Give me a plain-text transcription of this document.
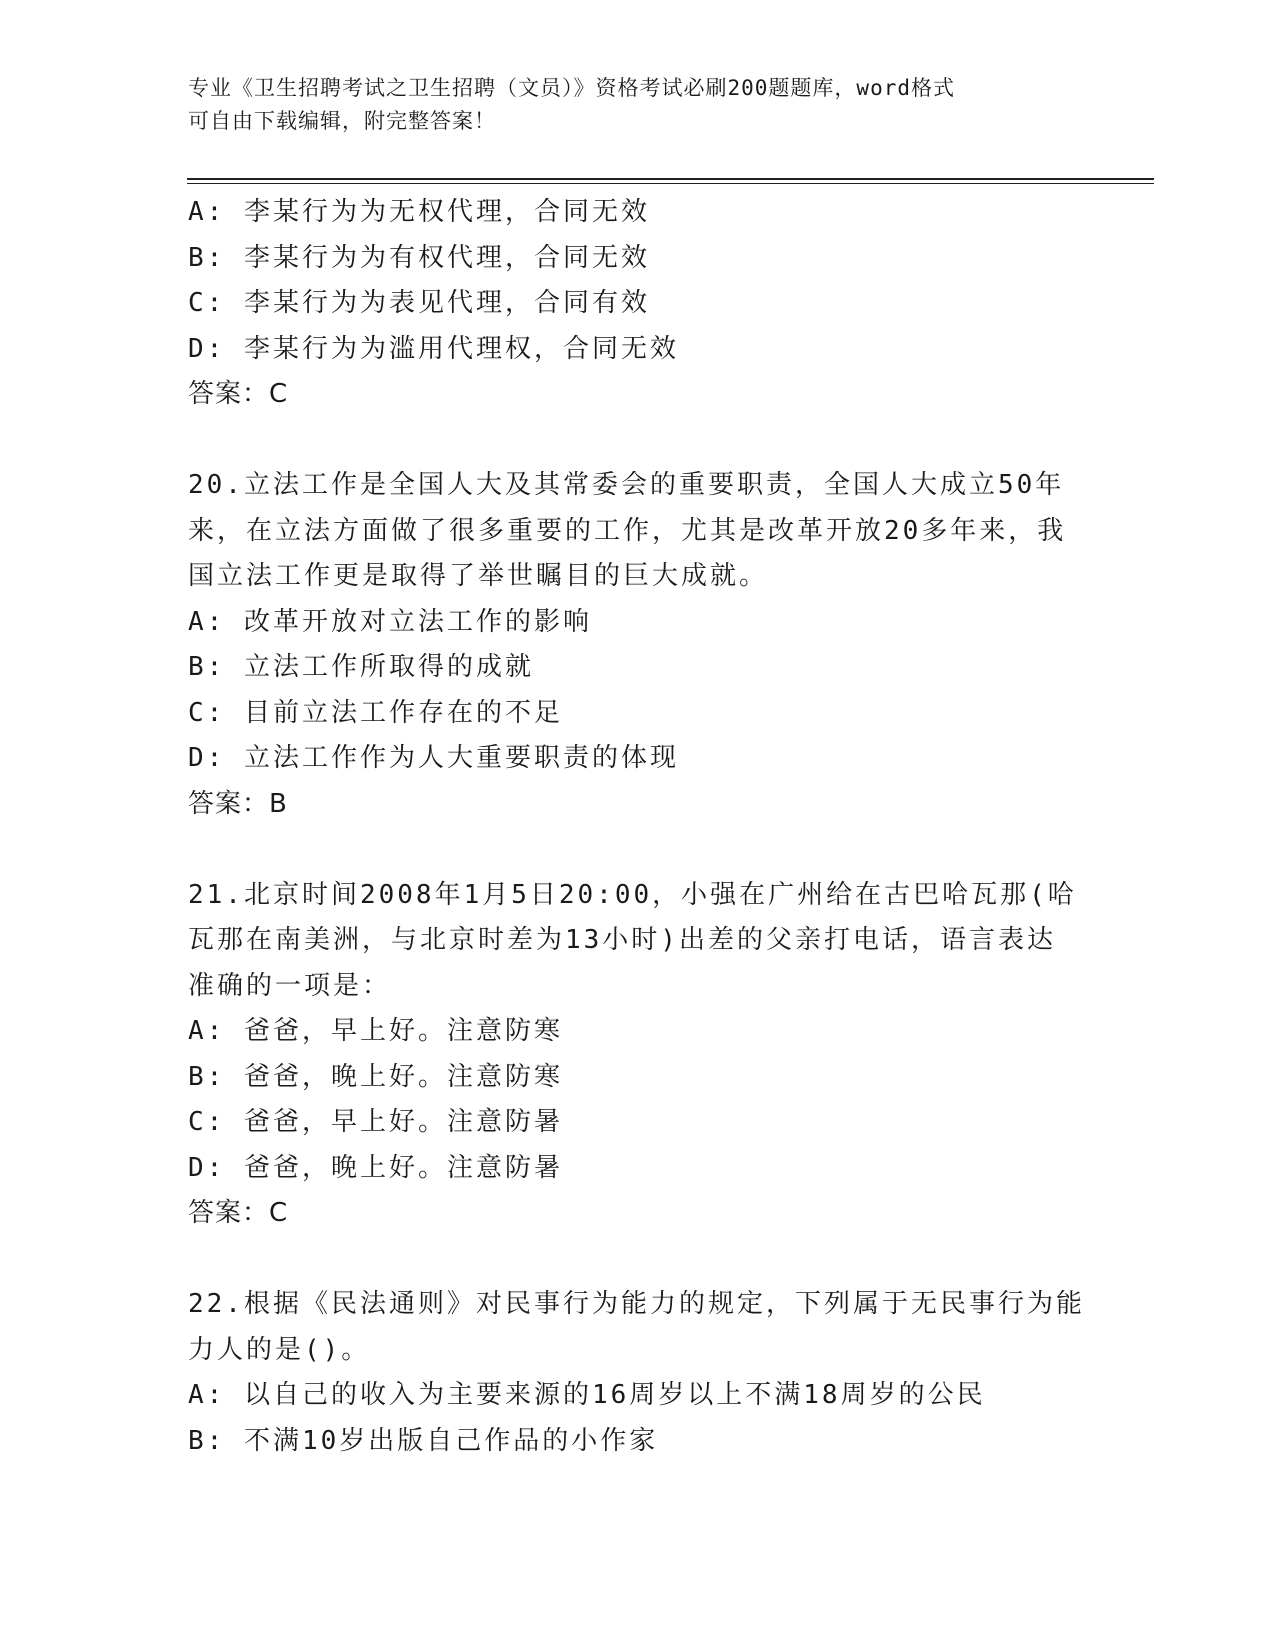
专业《卫生招聘考试之卫生招聘（文员）》资格考试必刷200题题库，word格式
可自由下载编辑，附完整答案！
A: 李某行为为无权代理，合同无效
B: 李某行为为有权代理，合同无效
C: 李某行为为表见代理，合同有效
D: 李某行为为滥用代理权，合同无效
答案：C
20.立法工作是全国人大及其常委会的重要职责，全国人大成立50年
来，在立法方面做了很多重要的工作，尤其是改革开放20多年来，我
国立法工作更是取得了举世瞩目的巨大成就。
A: 改革开放对立法工作的影响
B: 立法工作所取得的成就
C: 目前立法工作存在的不足
D: 立法工作作为人大重要职责的体现
答案：B
21.北京时间2008年1月5日20:00，小强在广州给在古巴哈瓦那(哈
瓦那在南美洲，与北京时差为13小时)出差的父亲打电话，语言表达
准确的一项是：
A: 爸爸，早上好。注意防寒
B: 爸爸，晚上好。注意防寒
C: 爸爸，早上好。注意防暑
D: 爸爸，晚上好。注意防暑
答案：C
22.根据《民法通则》对民事行为能力的规定，下列属于无民事行为能
力人的是()。
A: 以自己的收入为主要来源的16周岁以上不满18周岁的公民
B: 不满10岁出版自己作品的小作家
